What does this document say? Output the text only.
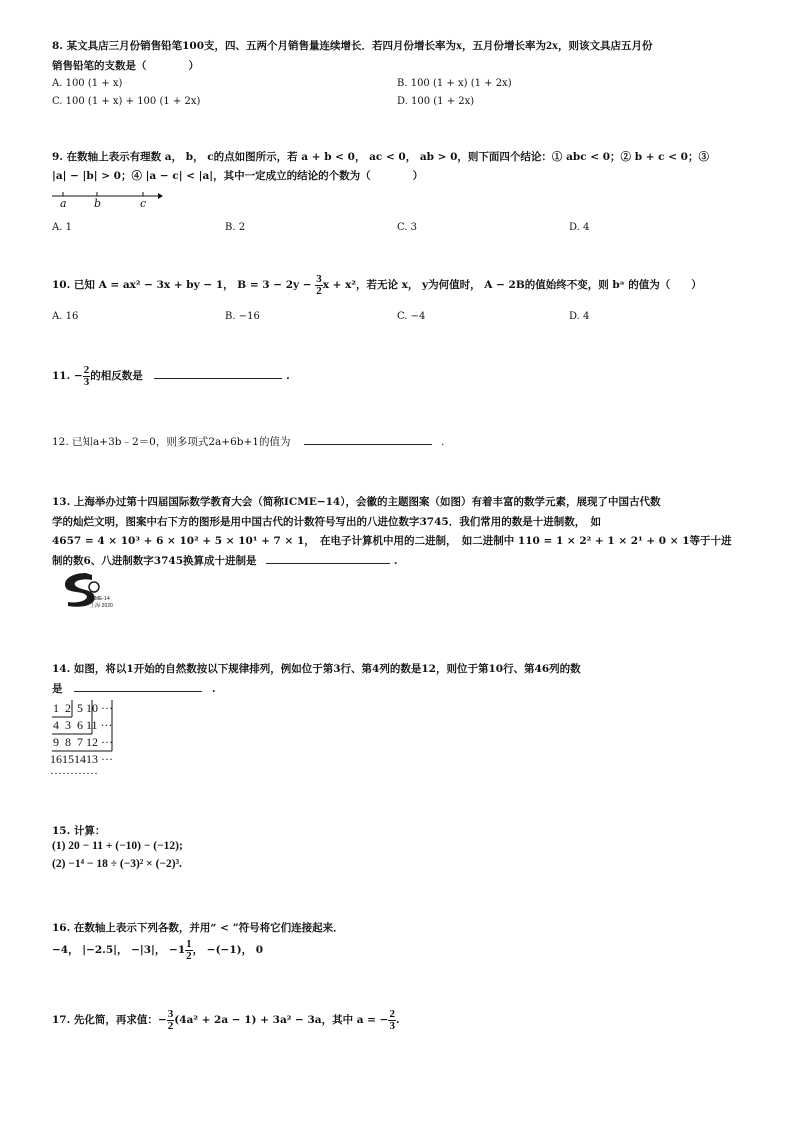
8. 某文具店三月份销售铅笔100支，四、五两个月销售量连续增长．若四月份增长率为x，五月份增长率为2x，则该文具店五月份
销售铅笔的支数是（　　　　）
A. 100 (1 + x)	B. 100 (1 + x) (1 + 2x)
C. 100 (1 + x) + 100 (1 + 2x)	D. 100 (1 + 2x)
9. 在数轴上表示有理数 a， b， c的点如图所示，若 a + b < 0， ac < 0， ab > 0，则下面四个结论：① abc < 0；② b + c < 0；③
|a| − |b| > 0；④ |a − c| < |a|，其中一定成立的结论的个数为（　　　　）
a b	c
A. 1	B. 2	C. 3	D. 4
10. 已知 A = ax² − 3x + by − 1， $B = 3 - 2y - \frac{3}{2}$ x + x²，若无论 x， y为何值时， A − 2B的值始终不变，则 bᵃ 的值为（　　）
A. 16	B. −16	C. −4	D. 4
11. − $\frac{2}{3}$ 的相反数是	.
12. 已知a+3b﹣2＝0，则多项式2a+6b+1的值为	.
13. 上海举办过第十四届国际数学教育大会（简称ICME−14），会徽的主题图案（如图）有着丰富的数学元素，展现了中国古代数
学的灿烂文明，图案中右下方的图形是用中国古代的计数符号写出的八进位数字3745．我们常用的数是十进制数，　如
4657 = 4 × 10³ + 6 × 10² + 5 × 10¹ + 7 × 1，　在电子计算机中用的二进制，　如二进制中 110 = 1 × 2² + 1 × 2¹ + 0 × 1等于十进
制的数6、八进制数字3745换算成十进制是	.
ICME-14
上海·2020
14. 如图，将以1开始的自然数按以下规律排列，例如位于第3行、第4列的数是12，则位于第10行、第46列的数
是	.
1	2	5	10 ···
4	3	6	11 ···
9	8	7	12 ···
16	15	14	13 ···
···	···	···	···
15. 计算：
(1) 20 − 11 + (−10) − (−12);
(2) −1⁴ − 18 ÷ (−3)² × (−2)³.
16. 在数轴上表示下列各数，并用“ < ”符号将它们连接起来．
−4， |−2.5|， −|3|， $-1 \frac{1}{2}$ ， −(−1)， 0
17. 先化简，再求值：− $\frac{3}{2} (4a^2 + 2a - 1) + 3a^2 - 3a$，其中 a = − $\frac{2}{3}$ .
